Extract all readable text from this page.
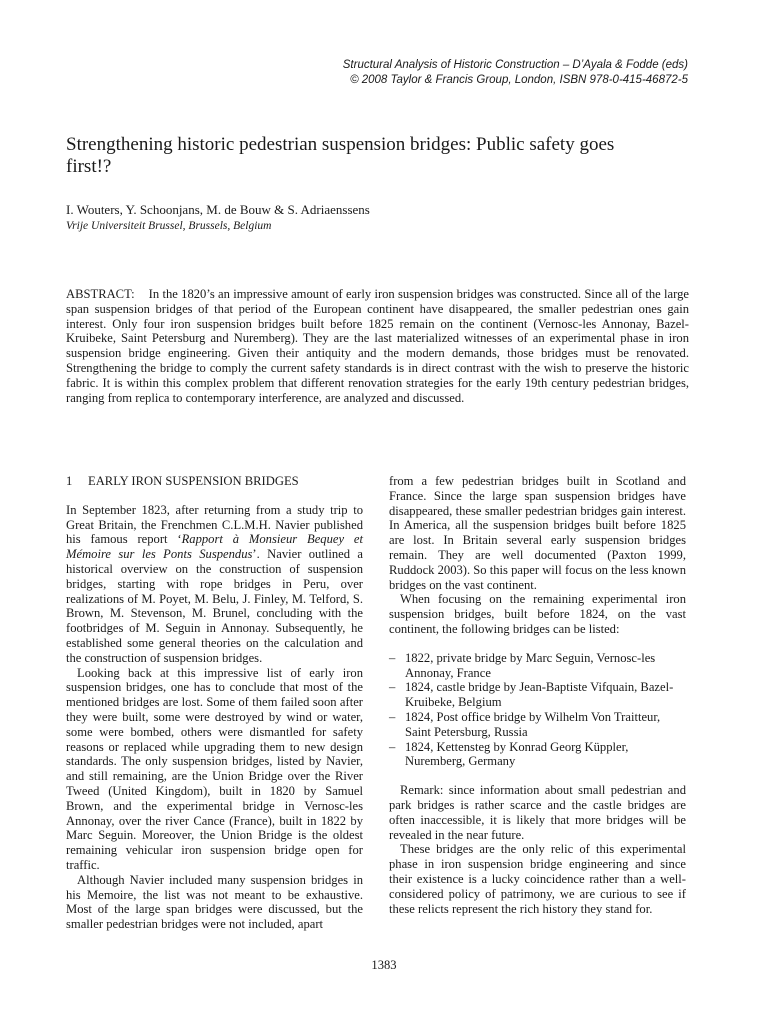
Structural Analysis of Historic Construction – D’Ayala & Fodde (eds)
© 2008 Taylor & Francis Group, London, ISBN 978-0-415-46872-5
Strengthening historic pedestrian suspension bridges: Public safety goes first!?
I. Wouters, Y. Schoonjans, M. de Bouw & S. Adriaenssens
Vrije Universiteit Brussel, Brussels, Belgium
ABSTRACT: In the 1820’s an impressive amount of early iron suspension bridges was constructed. Since all of the large span suspension bridges of that period of the European continent have disappeared, the smaller pedestrian ones gain interest. Only four iron suspension bridges built before 1825 remain on the continent (Vernosc-les Annonay, Bazel-Kruibeke, Saint Petersburg and Nuremberg). They are the last materialized witnesses of an experimental phase in iron suspension bridge engineering. Given their antiquity and the modern demands, those bridges must be renovated. Strengthening the bridge to comply the current safety standards is in direct contrast with the wish to preserve the historic fabric. It is within this complex problem that different renovation strategies for the early 19th century pedestrian bridges, ranging from replica to contemporary interference, are analyzed and discussed.
1 EARLY IRON SUSPENSION BRIDGES

In September 1823, after returning from a study trip to Great Britain, the Frenchmen C.L.M.H. Navier published his famous report ‘Rapport à Monsieur Bequey et Mémoire sur les Ponts Suspendus’. Navier outlined a historical overview on the construction of suspension bridges, starting with rope bridges in Peru, over realizations of M. Poyet, M. Belu, J. Finley, M. Telford, S. Brown, M. Stevenson, M. Brunel, concluding with the footbridges of M. Seguin in Annonay. Subsequently, he established some general theories on the calculation and the construction of suspension bridges.

Looking back at this impressive list of early iron suspension bridges, one has to conclude that most of the mentioned bridges are lost. Some of them failed soon after they were built, some were destroyed by wind or water, some were bombed, others were dismantled for safety reasons or replaced while upgrading them to new design standards. The only suspension bridges, listed by Navier, and still remaining, are the Union Bridge over the River Tweed (United Kingdom), built in 1820 by Samuel Brown, and the experimental bridge in Vernosc-les Annonay, over the river Cance (France), built in 1822 by Marc Seguin. Moreover, the Union Bridge is the oldest remaining vehicular iron suspension bridge open for traffic.

Although Navier included many suspension bridges in his Memoire, the list was not meant to be exhaustive. Most of the large span bridges were discussed, but the smaller pedestrian bridges were not included, apart

from a few pedestrian bridges built in Scotland and France. Since the large span suspension bridges have disappeared, these smaller pedestrian bridges gain interest. In America, all the suspension bridges built before 1825 are lost. In Britain several early suspension bridges remain. They are well documented (Paxton 1999, Ruddock 2003). So this paper will focus on the less known bridges on the vast continent.

When focusing on the remaining experimental iron suspension bridges, built before 1824, on the vast continent, the following bridges can be listed:

– 1822, private bridge by Marc Seguin, Vernosc-les Annonay, France
– 1824, castle bridge by Jean-Baptiste Vifquain, Bazel-Kruibeke, Belgium
– 1824, Post office bridge by Wilhelm Von Traitteur, Saint Petersburg, Russia
– 1824, Kettensteg by Konrad Georg Küppler, Nuremberg, Germany

Remark: since information about small pedestrian and park bridges is rather scarce and the castle bridges are often inaccessible, it is likely that more bridges will be revealed in the near future.

These bridges are the only relic of this experimental phase in iron suspension bridge engineering and since their existence is a lucky coincidence rather than a well-considered policy of patrimony, we are curious to see if these relicts represent the rich history they stand for.

1383
